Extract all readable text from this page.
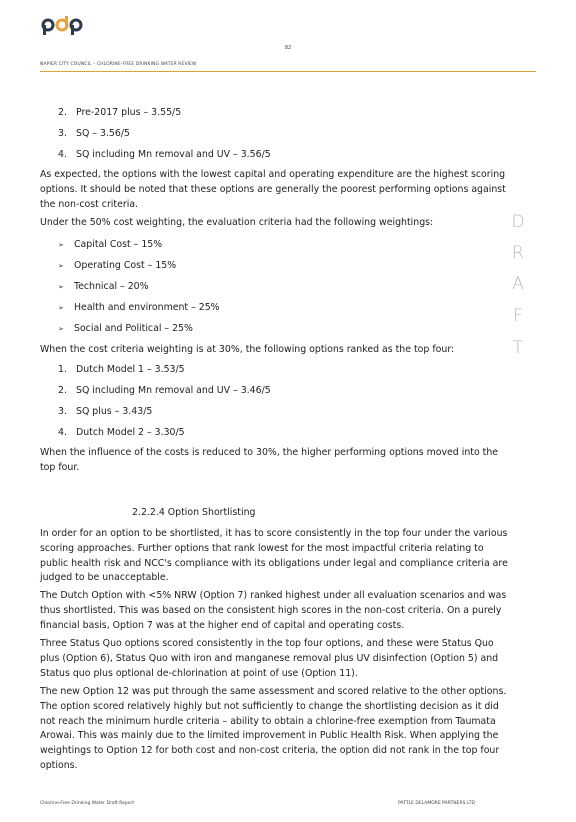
82
NAPIER CITY COUNCIL – CHLORINE-FREE DRINKING WATER REVIEW
2. Pre-2017 plus – 3.55/5
3. SQ – 3.56/5
4. SQ including Mn removal and UV – 3.56/5
As expected, the options with the lowest capital and operating expenditure are the highest scoring
options. It should be noted that these options are generally the poorest performing options against
the non-cost criteria.
Under the 50% cost weighting, the evaluation criteria had the following weightings:
➢ Capital Cost – 15%
➢ Operating Cost – 15%
➢ Technical – 20%
➢ Health and environment – 25%
➢ Social and Political – 25%
When the cost criteria weighting is at 30%, the following options ranked as the top four:
1. Dutch Model 1 – 3.53/5
2. SQ including Mn removal and UV – 3.46/5
3. SQ plus – 3.43/5
4. Dutch Model 2 – 3.30/5
When the influence of the costs is reduced to 30%, the higher performing options moved into the
top four.
2.2.2.4 Option Shortlisting
In order for an option to be shortlisted, it has to score consistently in the top four under the various
scoring approaches. Further options that rank lowest for the most impactful criteria relating to
public health risk and NCC's compliance with its obligations under legal and compliance criteria are
judged to be unacceptable.
The Dutch Option with <5% NRW (Option 7) ranked highest under all evaluation scenarios and was
thus shortlisted. This was based on the consistent high scores in the non-cost criteria. On a purely
financial basis, Option 7 was at the higher end of capital and operating costs.
Three Status Quo options scored consistently in the top four options, and these were Status Quo
plus (Option 6), Status Quo with iron and manganese removal plus UV disinfection (Option 5) and
Status quo plus optional de-chlorination at point of use (Option 11).
The new Option 12 was put through the same assessment and scored relative to the other options.
The option scored relatively highly but not sufficiently to change the shortlisting decision as it did
not reach the minimum hurdle criteria – ability to obtain a chlorine-free exemption from Taumata
Arowai. This was mainly due to the limited improvement in Public Health Risk. When applying the
weightings to Option 12 for both cost and non-cost criteria, the option did not rank in the top four
options.
D
R
A
F
T
Chlorine-Free Drinking Water Draft Report	PATTLE DELAMORE PARTNERS LTD
